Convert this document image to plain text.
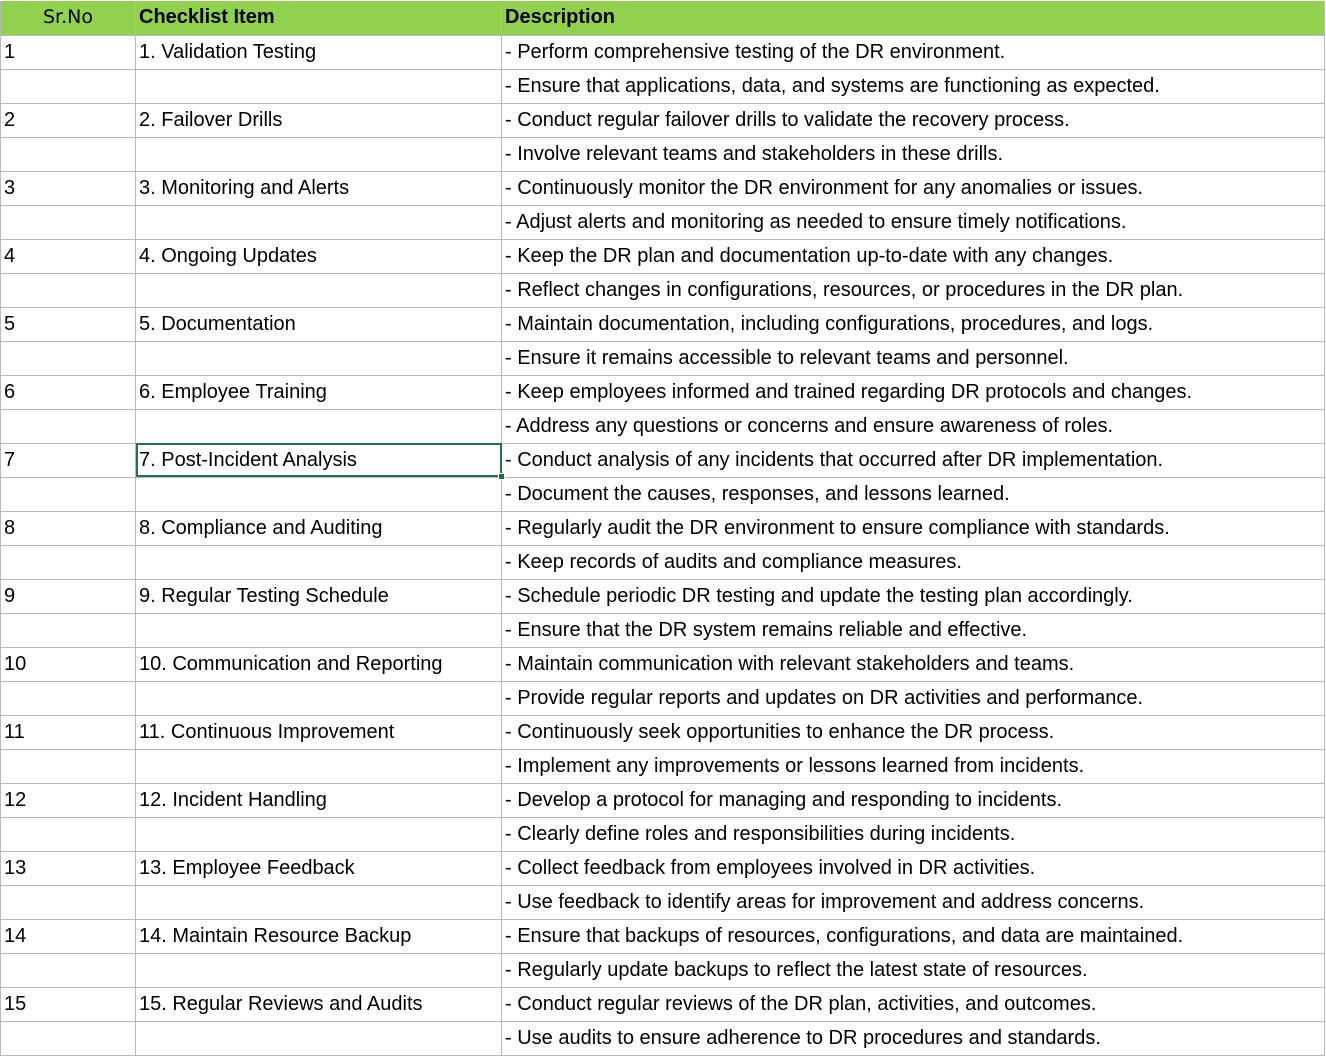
Sr.No	Checklist Item	Description
1	1. Validation Testing	- Perform comprehensive testing of the DR environment.
		- Ensure that applications, data, and systems are functioning as expected.
2	2. Failover Drills	- Conduct regular failover drills to validate the recovery process.
		- Involve relevant teams and stakeholders in these drills.
3	3. Monitoring and Alerts	- Continuously monitor the DR environment for any anomalies or issues.
		- Adjust alerts and monitoring as needed to ensure timely notifications.
4	4. Ongoing Updates	- Keep the DR plan and documentation up-to-date with any changes.
		- Reflect changes in configurations, resources, or procedures in the DR plan.
5	5. Documentation	- Maintain documentation, including configurations, procedures, and logs.
		- Ensure it remains accessible to relevant teams and personnel.
6	6. Employee Training	- Keep employees informed and trained regarding DR protocols and changes.
		- Address any questions or concerns and ensure awareness of roles.
7	7. Post-Incident Analysis	- Conduct analysis of any incidents that occurred after DR implementation.
		- Document the causes, responses, and lessons learned.
8	8. Compliance and Auditing	- Regularly audit the DR environment to ensure compliance with standards.
		- Keep records of audits and compliance measures.
9	9. Regular Testing Schedule	- Schedule periodic DR testing and update the testing plan accordingly.
		- Ensure that the DR system remains reliable and effective.
10	10. Communication and Reporting	- Maintain communication with relevant stakeholders and teams.
		- Provide regular reports and updates on DR activities and performance.
11	11. Continuous Improvement	- Continuously seek opportunities to enhance the DR process.
		- Implement any improvements or lessons learned from incidents.
12	12. Incident Handling	- Develop a protocol for managing and responding to incidents.
		- Clearly define roles and responsibilities during incidents.
13	13. Employee Feedback	- Collect feedback from employees involved in DR activities.
		- Use feedback to identify areas for improvement and address concerns.
14	14. Maintain Resource Backup	- Ensure that backups of resources, configurations, and data are maintained.
		- Regularly update backups to reflect the latest state of resources.
15	15. Regular Reviews and Audits	- Conduct regular reviews of the DR plan, activities, and outcomes.
		- Use audits to ensure adherence to DR procedures and standards.
